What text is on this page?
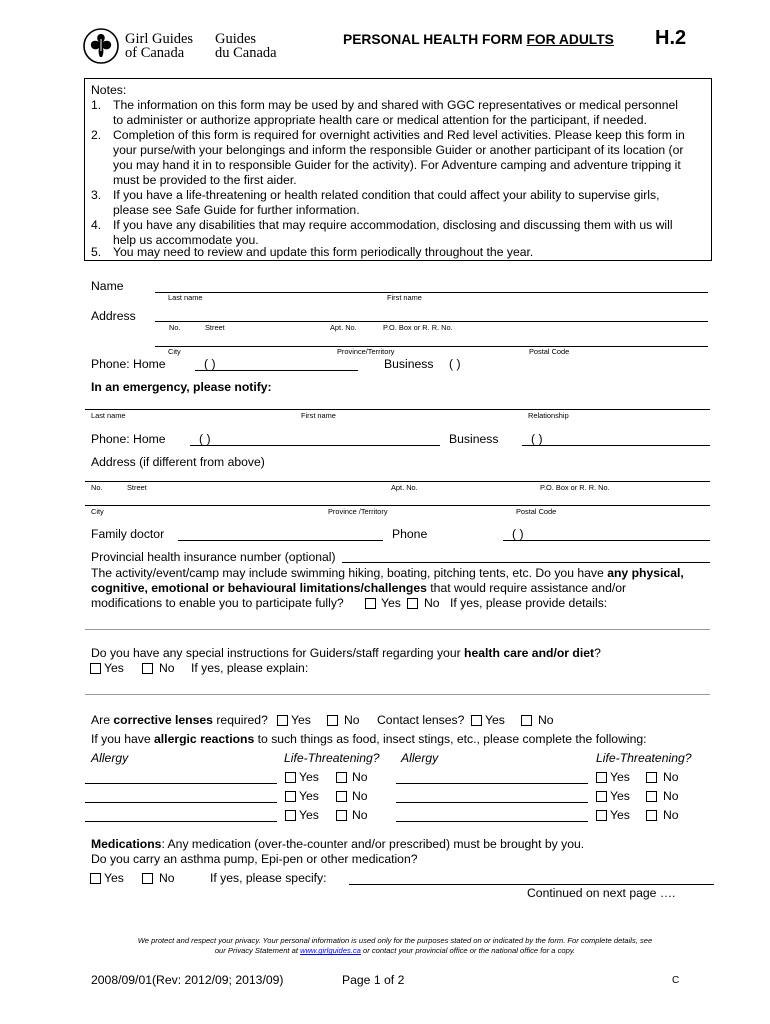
Girl Guides
of Canada
Guides
du Canada
PERSONAL HEALTH FORM FOR ADULTS H.2
Notes:
1. The information on this form may be used by and shared with GGC representatives or medical personnel
to administer or authorize appropriate health care or medical attention for the participant, if needed.
2. Completion of this form is required for overnight activities and Red level activities. Please keep this form in
your purse/with your belongings and inform the responsible Guider or another participant of its location (or
you may hand it in to responsible Guider for the activity). For Adventure camping and adventure tripping it
must be provided to the first aider.
3. If you have a life-threatening or health related condition that could affect your ability to supervise girls,
please see Safe Guide for further information.
4. If you have any disabilities that may require accommodation, disclosing and discussing them with us will
help us accommodate you.
5. You may need to review and update this form periodically throughout the year.
Name
Last name	First name
Address
No.	Street	Apt. No.	P.O. Box or R. R. No.
City	Province/Territory	Postal Code
Phone: Home	( )	Business ( )
In an emergency, please notify:
Last name	First name	Relationship
Phone: Home	( )	Business	( )
Address (if different from above)
No.	Street	Apt. No.	P.O. Box or R. R. No.
City	Province /Territory	Postal Code
Family doctor	Phone	( )
Provincial health insurance number (optional)
The activity/event/camp may include swimming hiking, boating, pitching tents, etc. Do you have any physical,
cognitive, emotional or behavioural limitations/challenges that would require assistance and/or
modifications to enable you to participate fully?	Yes No If yes, please provide details:
Do you have any special instructions for Guiders/staff regarding your health care and/or diet?
Yes	No If yes, please explain:
Are corrective lenses required? Yes	No Contact lenses? Yes	No
If you have allergic reactions to such things as food, insect stings, etc., please complete the following:
Allergy	Life-Threatening? Allergy	Life-Threatening?
Yes	No	Yes	No
Yes	No	Yes	No
Yes	No	Yes	No
Medications: Any medication (over-the-counter and/or prescribed) must be brought by you.
Do you carry an asthma pump, Epi-pen or other medication?
Yes	No	If yes, please specify:
Continued on next page ….
We protect and respect your privacy. Your personal information is used only for the purposes stated on or indicated by the form. For complete details, see
our Privacy Statement at www.girlguides.ca or contact your provincial office or the national office for a copy.
2008/09/01(Rev: 2012/09; 2013/09)	Page 1 of 2	C
